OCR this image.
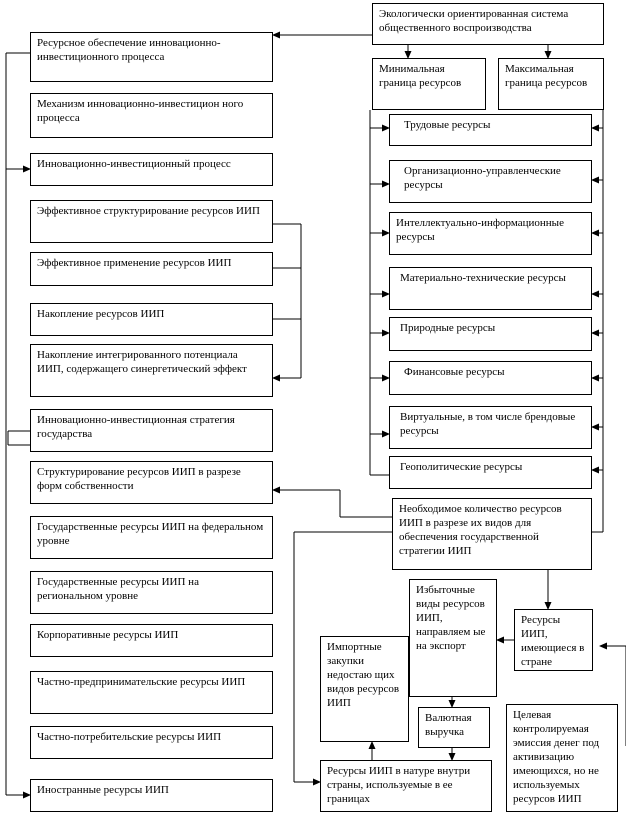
Экологически ориентированная система общественного воспроизводства
Минимальная граница ресурсов
Максимальная граница ресурсов
Ресурсное обеспечение инновационно-инвестиционного процесса
Механизм инновационно-инвестицион ного процесса
Инновационно-инвестиционный процесс
Эффективное структурирование ресурсов ИИП
Эффективное применение ресурсов ИИП
Накопление ресурсов ИИП
Накопление интегрированного потенциала ИИП, содержащего синергетический эффект
Инновационно-инвестиционная стратегия государства
Структурирование ресурсов ИИП в разрезе форм собственности
Государственные ресурсы ИИП на федеральном уровне
Государственные ресурсы ИИП на региональном уровне
Корпоративные ресурсы ИИП
Частно-предпринимательские ресурсы ИИП
Частно-потребительские ресурсы ИИП
Иностранные ресурсы ИИП
Трудовые ресурсы
Организационно-управленческие ресурсы
Интеллектуально-информационные ресурсы
Материально-технические ресурсы
Природные ресурсы
Финансовые ресурсы
Виртуальные, в том числе брендовые ресурсы
Геополитические ресурсы
Необходимое количество ресурсов ИИП в разрезе их видов для обеспечения государственной стратегии ИИП
Избыточные виды ресурсов ИИП, направляем ые на экспорт
Ресурсы ИИП, имеющиеся в стране
Импортные закупки недостаю щих видов ресурсов ИИП
Валютная выручка
Ресурсы ИИП в натуре внутри страны, используемые в ее границах
Целевая контролируемая эмиссия денег под активизацию имеющихся, но не используемых ресурсов ИИП
